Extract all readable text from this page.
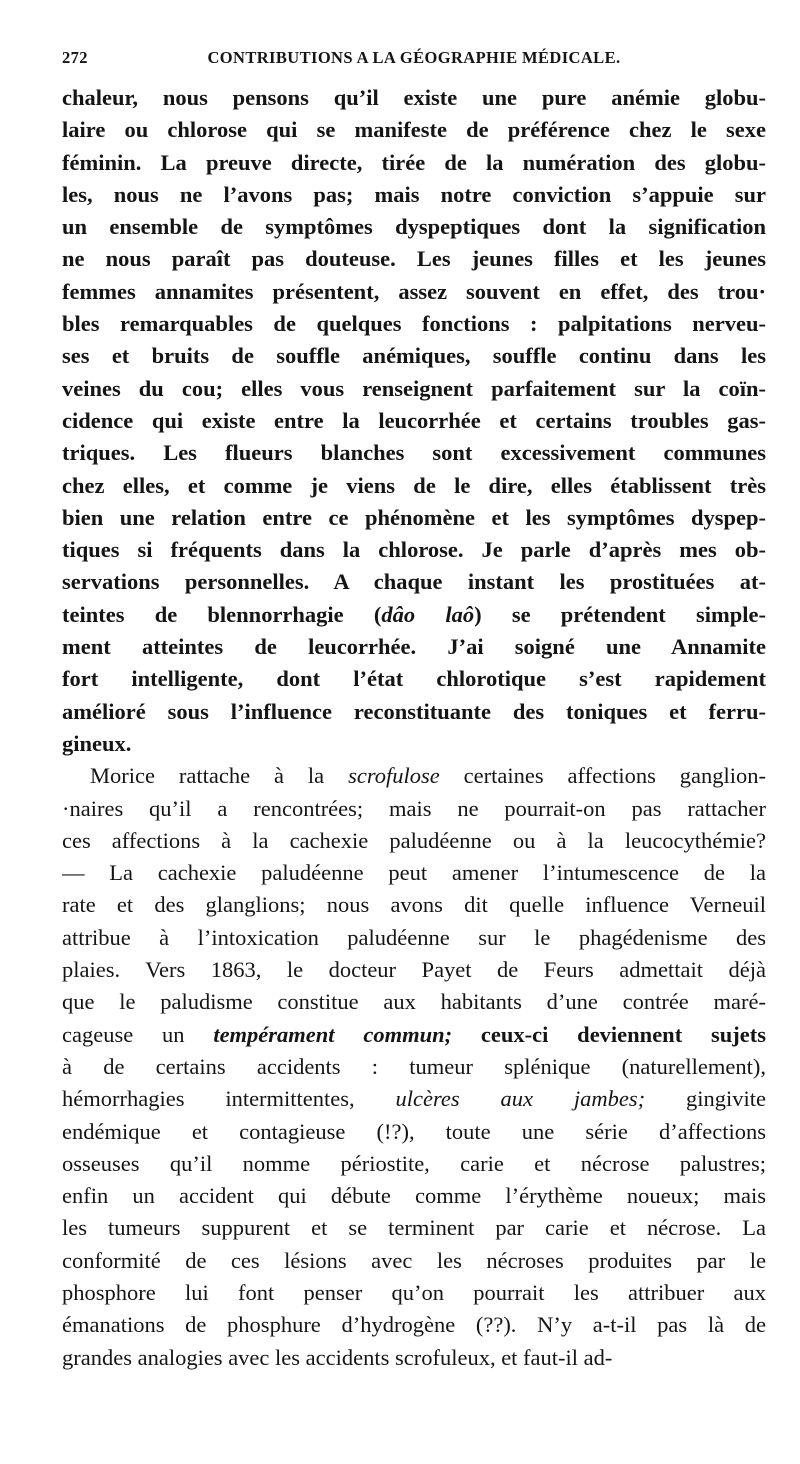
272	CONTRIBUTIONS A LA GÉOGRAPHIE MÉDICALE.
chaleur, nous pensons qu’il existe une pure anémie globu-
laire ou chlorose qui se manifeste de préférence chez le sexe
féminin. La preuve directe, tirée de la numération des globu-
les, nous ne l’avons pas; mais notre conviction s’appuie sur
un ensemble de symptômes dyspeptiques dont la signification
ne nous paraît pas douteuse. Les jeunes filles et les jeunes
femmes annamites présentent, assez souvent en effet, des trou·
bles remarquables de quelques fonctions : palpitations nerveu-
ses et bruits de souffle anémiques, souffle continu dans les
veines du cou; elles vous renseignent parfaitement sur la coïn-
cidence qui existe entre la leucorrhée et certains troubles gas-
triques. Les flueurs blanches sont excessivement communes
chez elles, et comme je viens de le dire, elles établissent très
bien une relation entre ce phénomène et les symptômes dyspep-
tiques si fréquents dans la chlorose. Je parle d’après mes ob-
servations personnelles. A chaque instant les prostituées at-
teintes de blennorrhagie (dâo laô) se prétendent simple-
ment atteintes de leucorrhée. J’ai soigné une Annamite
fort intelligente, dont l’état chlorotique s’est rapidement
amélioré sous l’influence reconstituante des toniques et ferru-
gineux.
Morice rattache à la scrofulose certaines affections ganglion-
·naires qu’il a rencontrées; mais ne pourrait-on pas rattacher
ces affections à la cachexie paludéenne ou à la leucocythémie?
— La cachexie paludéenne peut amener l’intumescence de la
rate et des glanglions; nous avons dit quelle influence Verneuil
attribue à l’intoxication paludéenne sur le phagédenisme des
plaies. Vers 1863, le docteur Payet de Feurs admettait déjà
que le paludisme constitue aux habitants d’une contrée maré-
cageuse un tempérament commun; ceux-ci deviennent sujets
à de certains accidents : tumeur splénique (naturellement),
hémorrhagies intermittentes, ulcères aux jambes; gingivite
endémique et contagieuse (!?), toute une série d’affections
osseuses qu’il nomme périostite, carie et nécrose palustres;
enfin un accident qui débute comme l’érythème noueux; mais
les tumeurs suppurent et se terminent par carie et nécrose. La
conformité de ces lésions avec les nécroses produites par le
phosphore lui font penser qu’on pourrait les attribuer aux
émanations de phosphure d’hydrogène (??). N’y a-t-il pas là de
grandes analogies avec les accidents scrofuleux, et faut-il ad-
